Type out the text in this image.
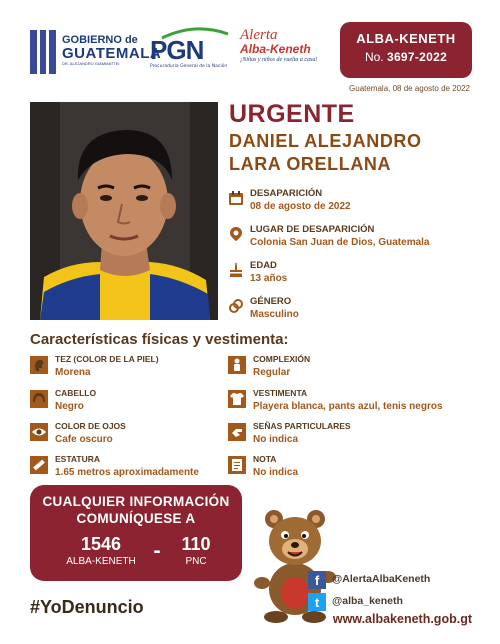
GOBIERNO de
GUATEMALA
DR. ALEJANDRO GIAMMATTEI	PGN
Procuraduría General de la Nación
Alerta
Alba-Keneth
¡Niñas y niños de vuelta a casa!
ALBA-KENETH
No. 3697-2022
Guatemala, 08 de agosto de 2022
URGENTE
DANIEL ALEJANDRO
LARA ORELLANA
DESAPARICIÓN
08 de agosto de 2022
LUGAR DE DESAPARICIÓN
Colonia San Juan de Dios, Guatemala
EDAD
13 años
GÉNERO
Masculino
Características físicas y vestimenta:
TEZ (COLOR DE LA PIEL)
Morena
COMPLEXIÓN
Regular
CABELLO
Negro
VESTIMENTA
Playera blanca, pants azul, tenis negros
COLOR DE OJOS
Cafe oscuro
SEÑAS PARTICULARES
No indica
ESTATURA
1.65 metros aproximadamente
NOTA
No indica
CUALQUIER INFORMACIÓN
COMUNÍQUESE A
1546
ALBA-KENETH -	110
PNC
#YoDenuncio
f	@AlertaAlbaKeneth
t	@alba_keneth
www.albakeneth.gob.gt
